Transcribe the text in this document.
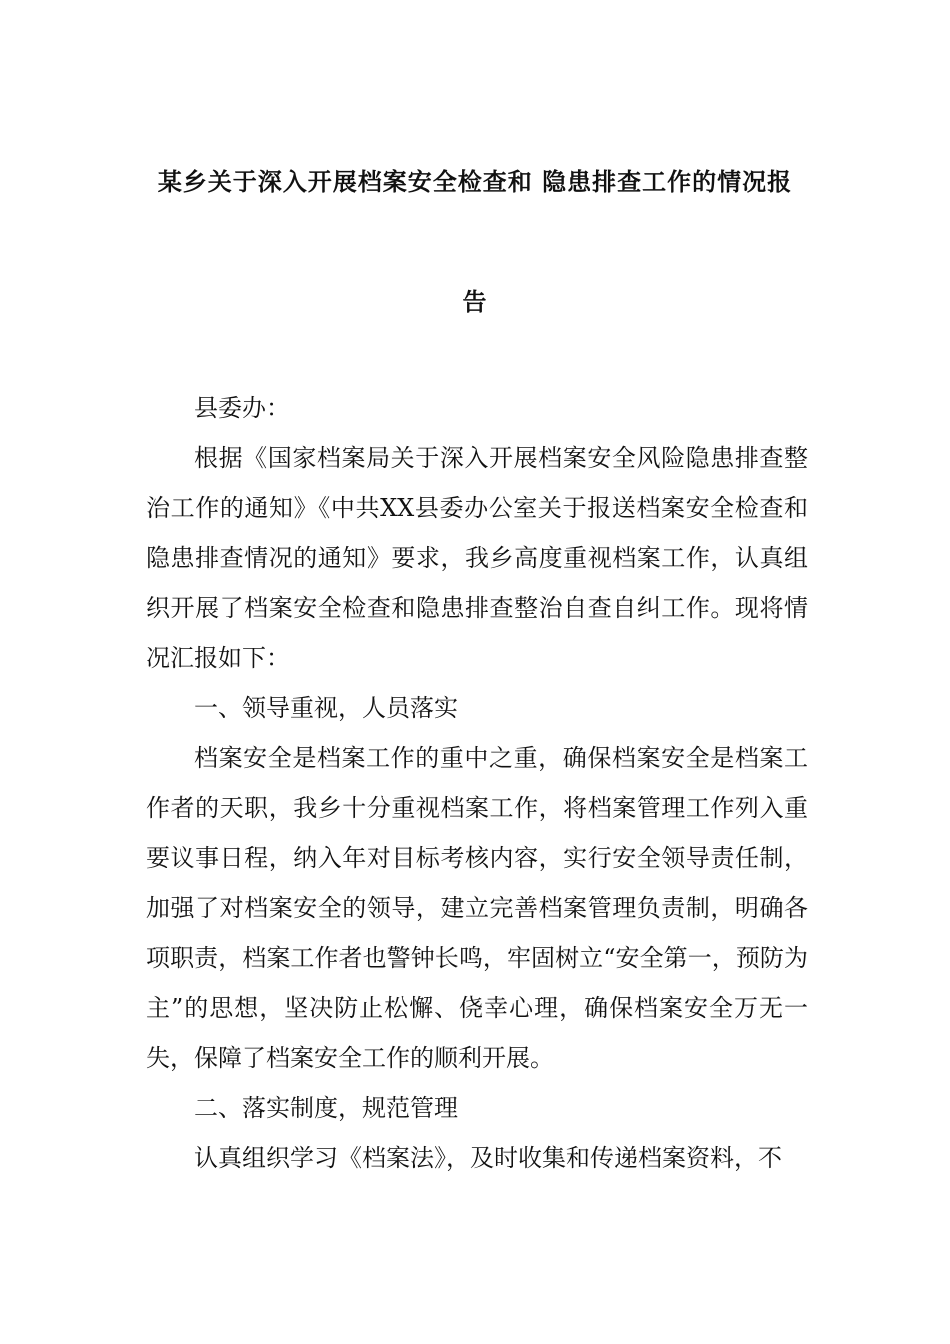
某乡关于深入开展档案安全检查和 隐患排查工作的情况报
告

县委办：

根据《国家档案局关于深入开展档案安全风险隐患排查整治工作的通知》《中共XX县委办公室关于报送档案安全检查和隐患排查情况的通知》要求，我乡高度重视档案工作，认真组织开展了档案安全检查和隐患排查整治自查自纠工作。现将情况汇报如下：

一、领导重视，人员落实

档案安全是档案工作的重中之重，确保档案安全是档案工作者的天职，我乡十分重视档案工作，将档案管理工作列入重要议事日程，纳入年对目标考核内容，实行安全领导责任制，加强了对档案安全的领导，建立完善档案管理负责制，明确各项职责，档案工作者也警钟长鸣，牢固树立“安全第一，预防为主”的思想，坚决防止松懈、侥幸心理，确保档案安全万无一失，保障了档案安全工作的顺利开展。

二、落实制度，规范管理

认真组织学习《档案法》，及时收集和传递档案资料，不
